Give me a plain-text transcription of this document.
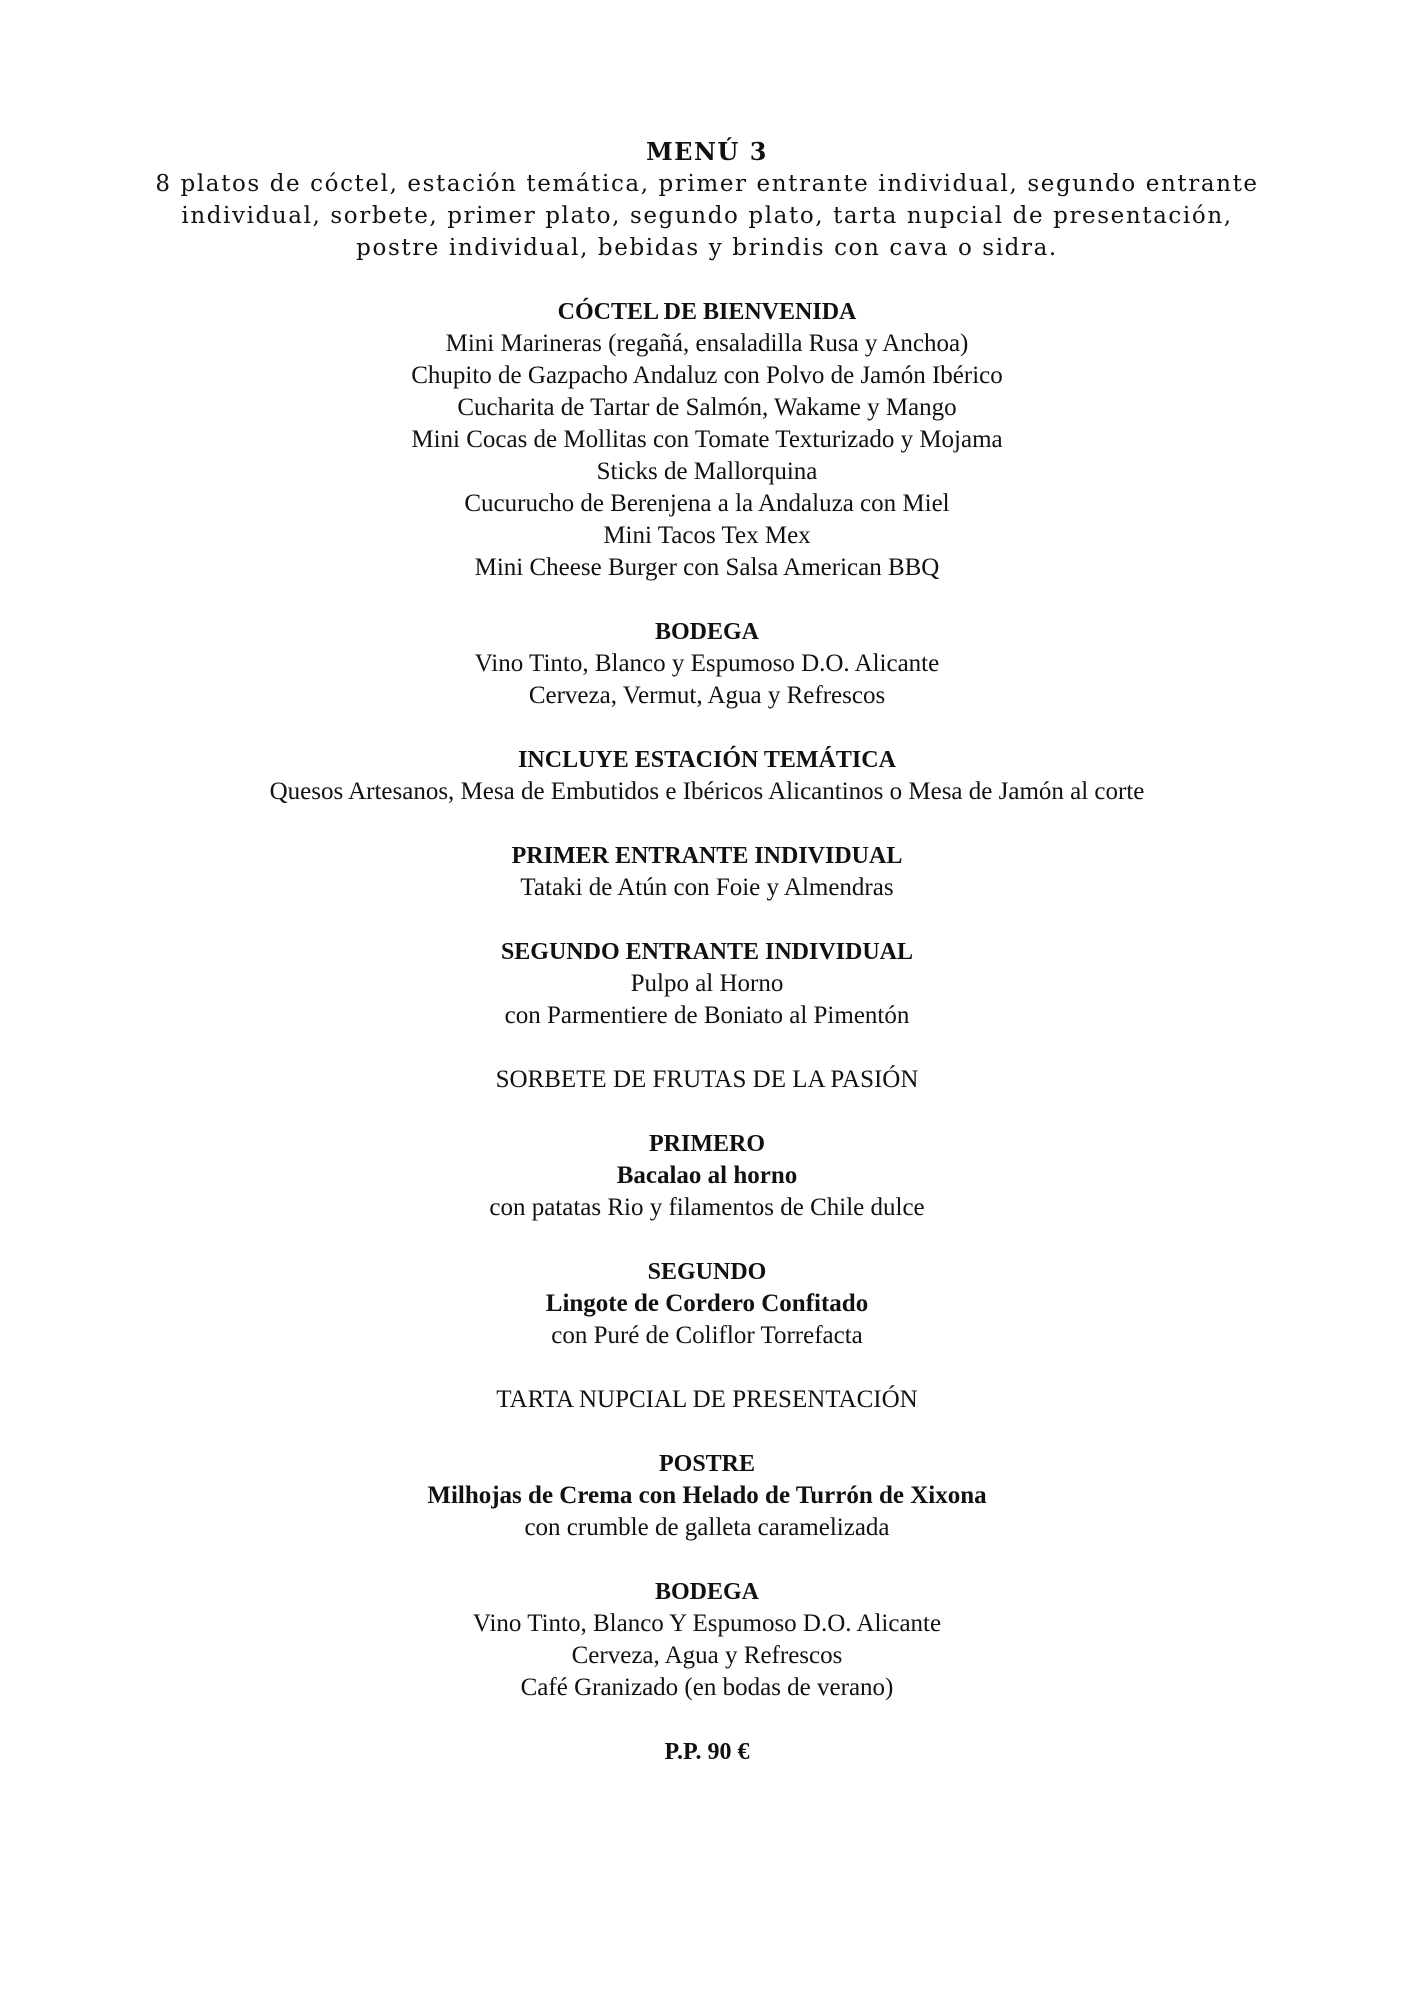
MENÚ 3

8 platos de cóctel, estación temática, primer entrante individual, segundo entrante individual, sorbete, primer plato, segundo plato, tarta nupcial de presentación, postre individual, bebidas y brindis con cava o sidra.

CÓCTEL DE BIENVENIDA

Mini Marineras (regañá, ensaladilla Rusa y Anchoa)

Chupito de Gazpacho Andaluz con Polvo de Jamón Ibérico

Cucharita de Tartar de Salmón, Wakame y Mango

Mini Cocas de Mollitas con Tomate Texturizado y Mojama

Sticks de Mallorquina

Cucurucho de Berenjena a la Andaluza con Miel

Mini Tacos Tex Mex

Mini Cheese Burger con Salsa American BBQ

BODEGA

Vino Tinto, Blanco y Espumoso D.O. Alicante

Cerveza, Vermut, Agua y Refrescos

INCLUYE ESTACIÓN TEMÁTICA

Quesos Artesanos, Mesa de Embutidos e Ibéricos Alicantinos o Mesa de Jamón al corte

PRIMER ENTRANTE INDIVIDUAL

Tataki de Atún con Foie y Almendras

SEGUNDO ENTRANTE INDIVIDUAL

Pulpo al Horno

con Parmentiere de Boniato al Pimentón

SORBETE DE FRUTAS DE LA PASIÓN

PRIMERO

Bacalao al horno

con patatas Rio y filamentos de Chile dulce

SEGUNDO

Lingote de Cordero Confitado

con Puré de Coliflor Torrefacta

TARTA NUPCIAL DE PRESENTACIÓN

POSTRE

Milhojas de Crema con Helado de Turrón de Xixona

con crumble de galleta caramelizada

BODEGA

Vino Tinto, Blanco Y Espumoso D.O. Alicante

Cerveza, Agua y Refrescos

Café Granizado (en bodas de verano)

P.P. 90 €
